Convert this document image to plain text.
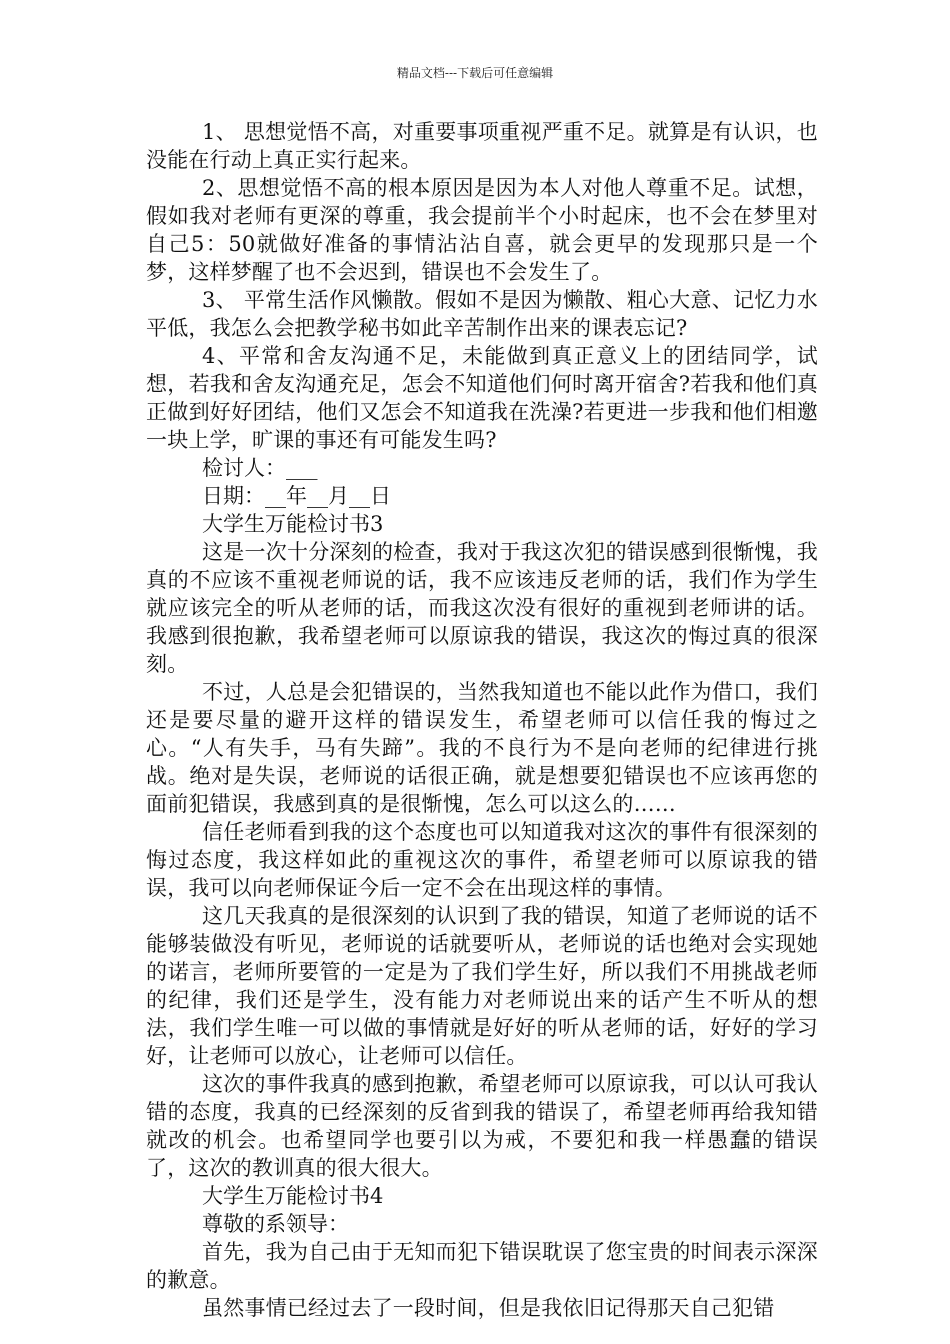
精品文档---下载后可任意编辑

1、 思想觉悟不高，对重要事项重视严重不足。就算是有认识，也没能在行动上真正实行起来。

2、思想觉悟不高的根本原因是因为本人对他人尊重不足。试想，假如我对老师有更深的尊重，我会提前半个小时起床，也不会在梦里对自己5：50就做好准备的事情沾沾自喜，就会更早的发现那只是一个梦，这样梦醒了也不会迟到，错误也不会发生了。

3、 平常生活作风懒散。假如不是因为懒散、粗心大意、记忆力水平低，我怎么会把教学秘书如此辛苦制作出来的课表忘记?

4、平常和舍友沟通不足，未能做到真正意义上的团结同学，试想，若我和舍友沟通充足，怎会不知道他们何时离开宿舍?若我和他们真正做到好好团结，他们又怎会不知道我在洗澡?若更进一步我和他们相邀一块上学，旷课的事还有可能发生吗?

检讨人：___

日期：__年__月__日

大学生万能检讨书3

这是一次十分深刻的检查，我对于我这次犯的错误感到很惭愧，我真的不应该不重视老师说的话，我不应该违反老师的话，我们作为学生就应该完全的听从老师的话，而我这次没有很好的重视到老师讲的话。我感到很抱歉，我希望老师可以原谅我的错误，我这次的悔过真的很深刻。

不过，人总是会犯错误的，当然我知道也不能以此作为借口，我们还是要尽量的避开这样的错误发生，希望老师可以信任我的悔过之心。“人有失手，马有失蹄”。我的不良行为不是向老师的纪律进行挑战。绝对是失误，老师说的话很正确，就是想要犯错误也不应该再您的面前犯错误，我感到真的是很惭愧，怎么可以这么的……

信任老师看到我的这个态度也可以知道我对这次的事件有很深刻的悔过态度，我这样如此的重视这次的事件，希望老师可以原谅我的错误，我可以向老师保证今后一定不会在出现这样的事情。

这几天我真的是很深刻的认识到了我的错误，知道了老师说的话不能够装做没有听见，老师说的话就要听从，老师说的话也绝对会实现她的诺言，老师所要管的一定是为了我们学生好，所以我们不用挑战老师的纪律，我们还是学生，没有能力对老师说出来的话产生不听从的想法，我们学生唯一可以做的事情就是好好的听从老师的话，好好的学习好，让老师可以放心，让老师可以信任。

这次的事件我真的感到抱歉，希望老师可以原谅我，可以认可我认错的态度，我真的已经深刻的反省到我的错误了，希望老师再给我知错就改的机会。也希望同学也要引以为戒，不要犯和我一样愚蠢的错误了，这次的教训真的很大很大。

大学生万能检讨书4

尊敬的系领导：

首先，我为自己由于无知而犯下错误耽误了您宝贵的时间表示深深的歉意。

虽然事情已经过去了一段时间，但是我依旧记得那天自己犯错
